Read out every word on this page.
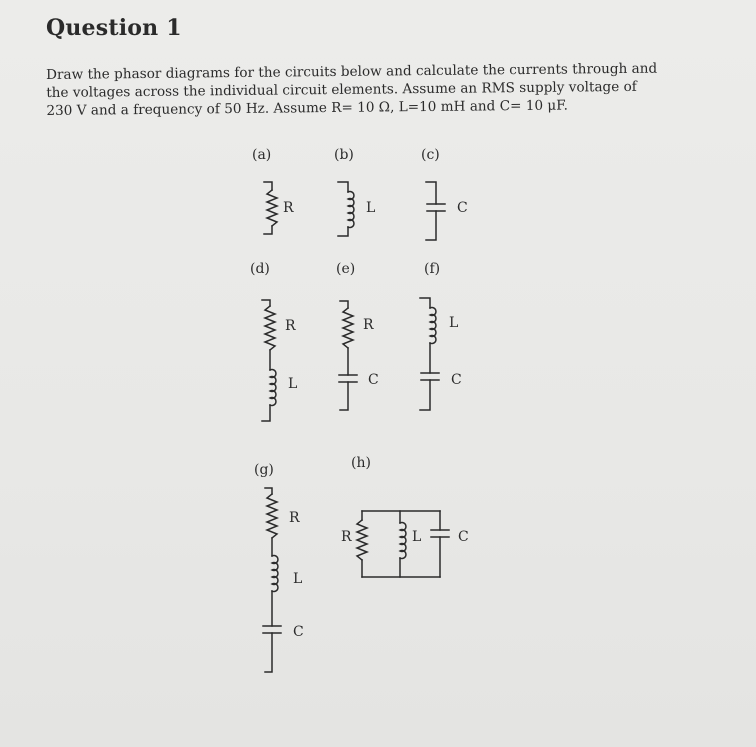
Question 1
Draw the phasor diagrams for the circuits below and calculate the currents through and
the voltages across the individual circuit elements. Assume an RMS supply voltage of
230 V and a frequency of 50 Hz. Assume R= 10 Ω, L=10 mH and C= 10 μF.
(a)	(b)	(c)
(d)	(e)	(f)
(g)	(h)
R	L	C
R
L
R
C
L
C
R
L
C
R	L	C
